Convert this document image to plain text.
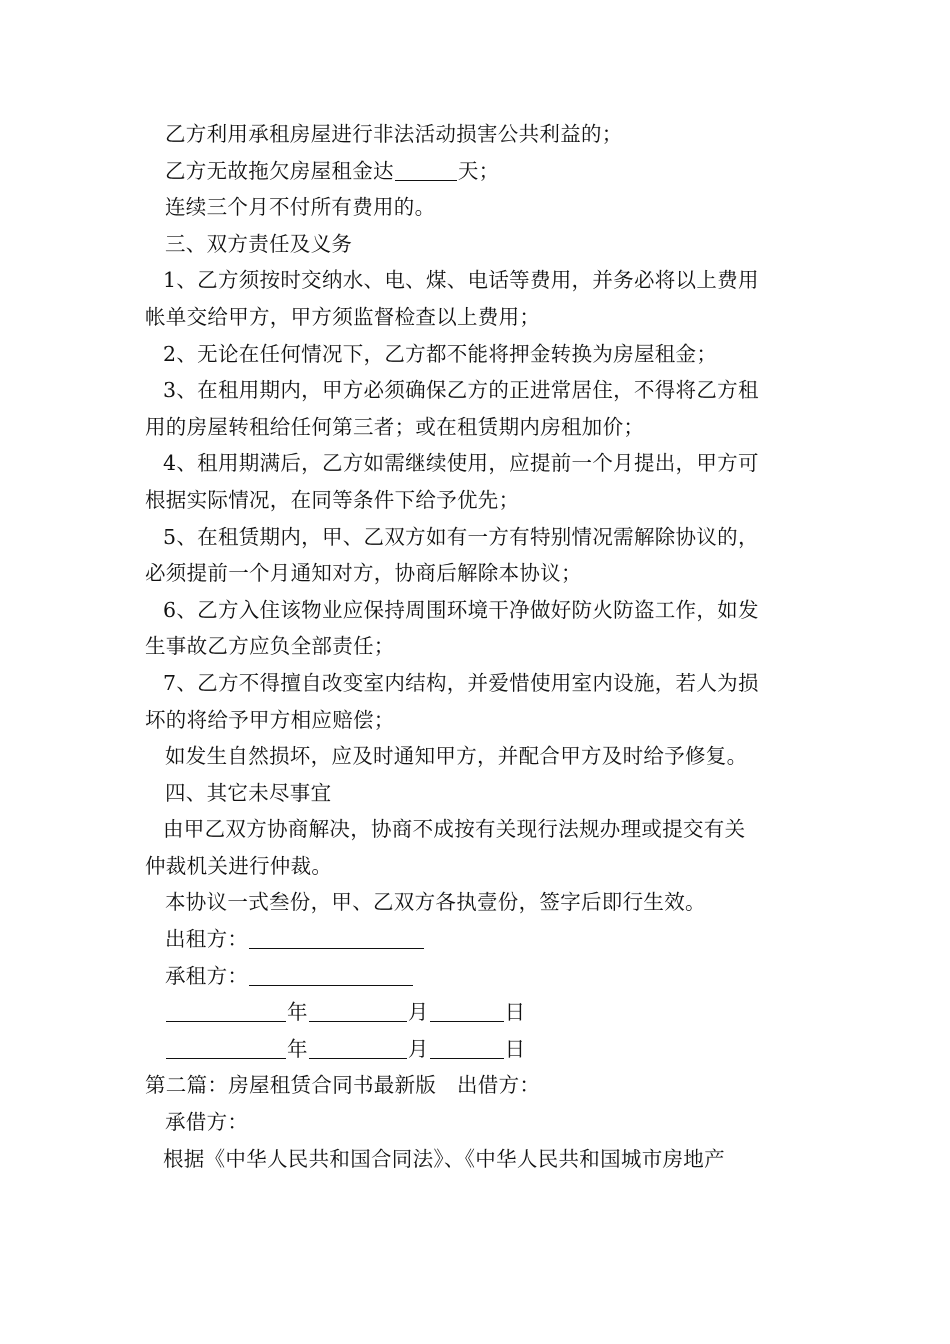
乙方利用承租房屋进行非法活动损害公共利益的；
乙方无故拖欠房屋租金达	天；
连续三个月不付所有费用的。
三、双方责任及义务
1、乙方须按时交纳水、电、煤、电话等费用，并务必将以上费用
帐单交给甲方，甲方须监督检查以上费用；
2、无论在任何情况下，乙方都不能将押金转换为房屋租金；
3、在租用期内，甲方必须确保乙方的正进常居住，不得将乙方租
用的房屋转租给任何第三者；或在租赁期内房租加价；
4、租用期满后，乙方如需继续使用，应提前一个月提出，甲方可
根据实际情况，在同等条件下给予优先；
5、在租赁期内，甲、乙双方如有一方有特别情况需解除协议的，
必须提前一个月通知对方，协商后解除本协议；
6、乙方入住该物业应保持周围环境干净做好防火防盗工作，如发
生事故乙方应负全部责任；
7、乙方不得擅自改变室内结构，并爱惜使用室内设施，若人为损
坏的将给予甲方相应赔偿；
如发生自然损坏，应及时通知甲方，并配合甲方及时给予修复。
四、其它未尽事宜
由甲乙双方协商解决，协商不成按有关现行法规办理或提交有关
仲裁机关进行仲裁。
本协议一式叁份，甲、乙双方各执壹份，签字后即行生效。
出租方：
承租方：
年	月	日
年	月	日
第二篇：房屋租赁合同书最新版　出借方：
承借方：
根据《中华人民共和国合同法》、《中华人民共和国城市房地产
